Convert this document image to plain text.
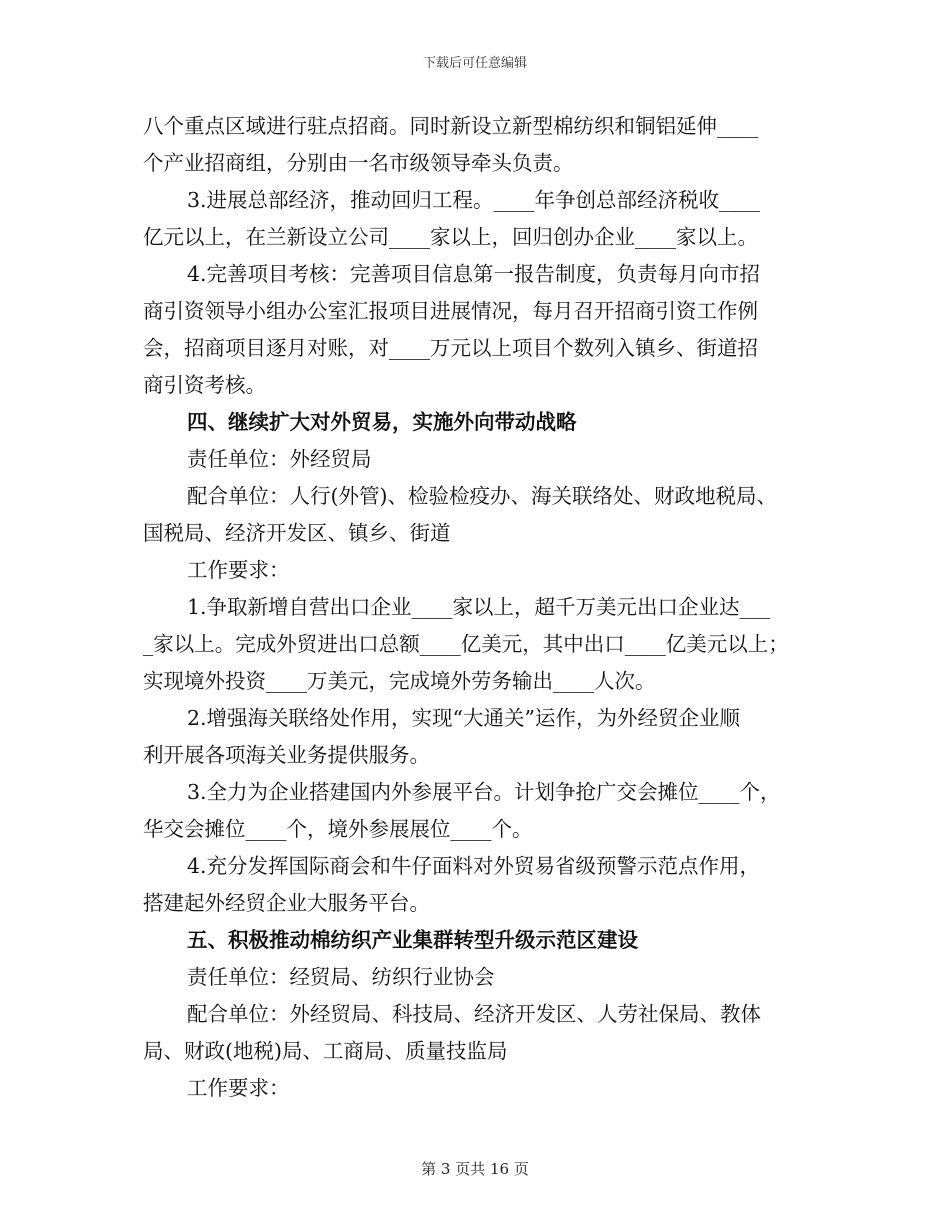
下载后可任意编辑
八个重点区域进行驻点招商。同时新设立新型棉纺织和铜铝延伸____
个产业招商组，分别由一名市级领导牵头负责。
3.进展总部经济，推动回归工程。____年争创总部经济税收____
亿元以上，在兰新设立公司____家以上，回归创办企业____家以上。
4.完善项目考核：完善项目信息第一报告制度，负责每月向市招
商引资领导小组办公室汇报项目进展情况，每月召开招商引资工作例
会，招商项目逐月对账，对____万元以上项目个数列入镇乡、街道招
商引资考核。
四、继续扩大对外贸易，实施外向带动战略
责任单位：外经贸局
配合单位：人行(外管)、检验检疫办、海关联络处、财政地税局、
国税局、经济开发区、镇乡、街道
工作要求：
1.争取新增自营出口企业____家以上，超千万美元出口企业达___
_家以上。完成外贸进出口总额____亿美元，其中出口____亿美元以上；
实现境外投资____万美元，完成境外劳务输出____人次。
2.增强海关联络处作用，实现“大通关”运作，为外经贸企业顺
利开展各项海关业务提供服务。
3.全力为企业搭建国内外参展平台。计划争抢广交会摊位____个，
华交会摊位____个，境外参展展位____个。
4.充分发挥国际商会和牛仔面料对外贸易省级预警示范点作用，
搭建起外经贸企业大服务平台。
五、积极推动棉纺织产业集群转型升级示范区建设
责任单位：经贸局、纺织行业协会
配合单位：外经贸局、科技局、经济开发区、人劳社保局、教体
局、财政(地税)局、工商局、质量技监局
工作要求：
第 3 页共 16 页
